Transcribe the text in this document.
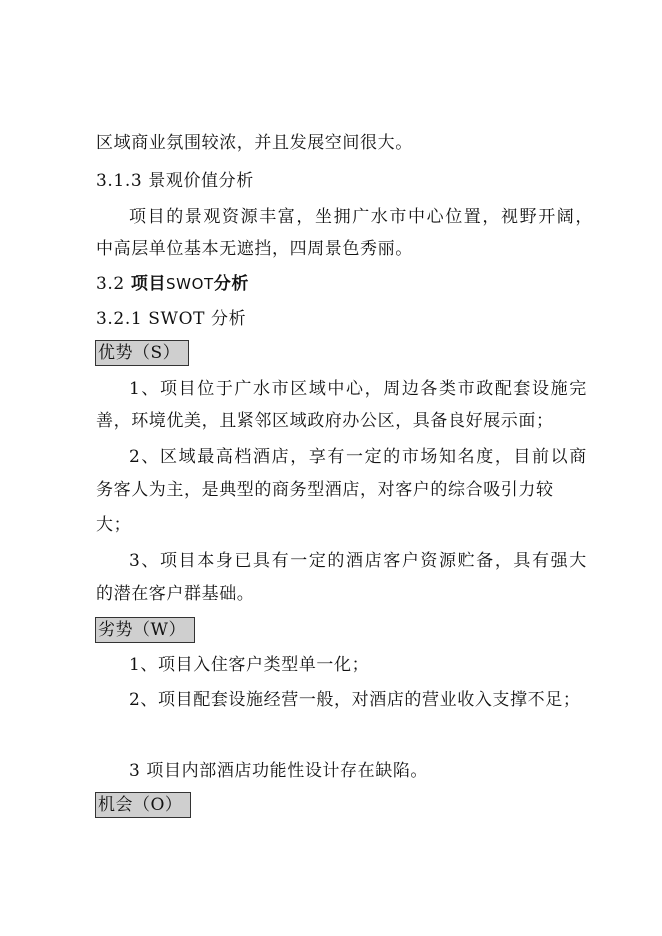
区域商业氛围较浓，并且发展空间很大。
3.1.3 景观价值分析
项目的景观资源丰富，坐拥广水市中心位置，视野开阔，
中高层单位基本无遮挡，四周景色秀丽。
3.2 项目SWOT分析
3.2.1 SWOT 分析
优势（S）
1、项目位于广水市区域中心，周边各类市政配套设施完
善，环境优美，且紧邻区域政府办公区，具备良好展示面；
2、区域最高档酒店，享有一定的市场知名度，目前以商
务客人为主，是典型的商务型酒店，对客户的综合吸引力较
大；
3、项目本身已具有一定的酒店客户资源贮备，具有强大
的潜在客户群基础。
劣势（W）
1、项目入住客户类型单一化；
2、项目配套设施经营一般，对酒店的营业收入支撑不足；
3 项目内部酒店功能性设计存在缺陷。
机会（O）
